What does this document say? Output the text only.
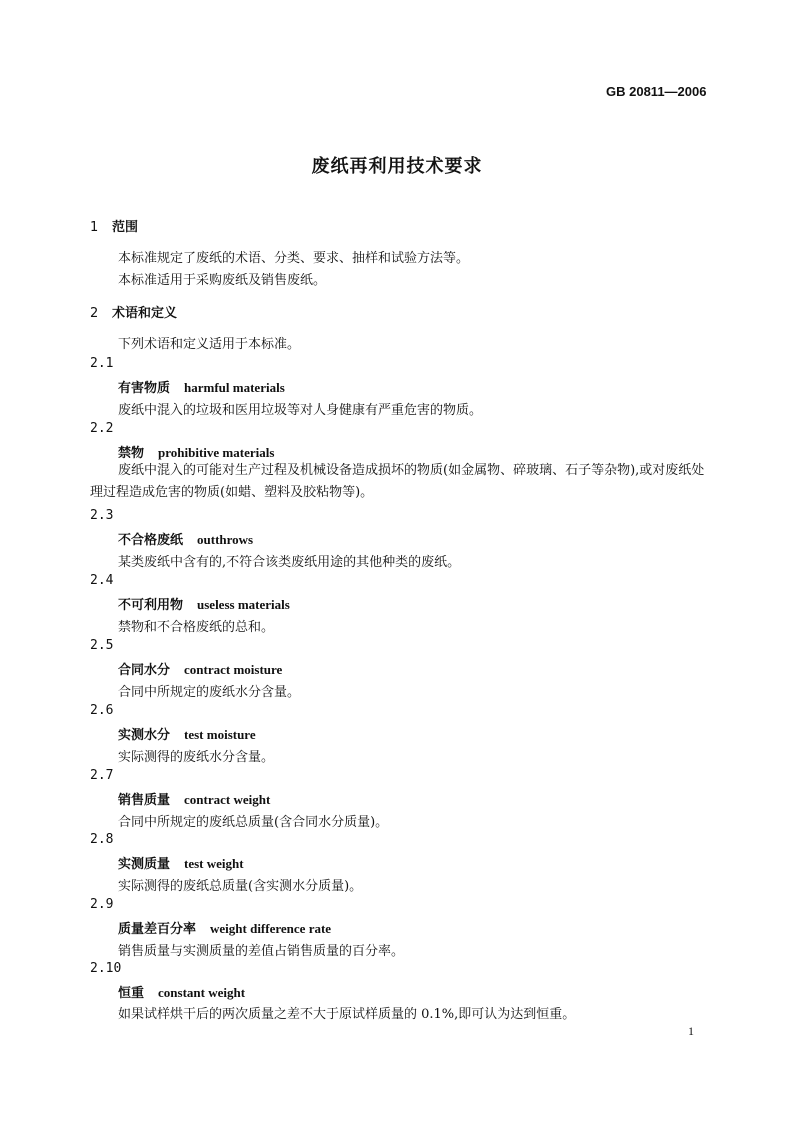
GB 20811—2006
废纸再利用技术要求
1 范围
本标准规定了废纸的术语、分类、要求、抽样和试验方法等。
本标准适用于采购废纸及销售废纸。
2 术语和定义
下列术语和定义适用于本标准。
2.1
有害物质 harmful materials
废纸中混入的垃圾和医用垃圾等对人身健康有严重危害的物质。
2.2
禁物 prohibitive materials
废纸中混入的可能对生产过程及机械设备造成损坏的物质(如金属物、碎玻璃、石子等杂物),或对废纸处理过程造成危害的物质(如蜡、塑料及胶粘物等)。
2.3
不合格废纸 outthrows
某类废纸中含有的,不符合该类废纸用途的其他种类的废纸。
2.4
不可利用物 useless materials
禁物和不合格废纸的总和。
2.5
合同水分 contract moisture
合同中所规定的废纸水分含量。
2.6
实测水分 test moisture
实际测得的废纸水分含量。
2.7
销售质量 contract weight
合同中所规定的废纸总质量(含合同水分质量)。
2.8
实测质量 test weight
实际测得的废纸总质量(含实测水分质量)。
2.9
质量差百分率 weight difference rate
销售质量与实测质量的差值占销售质量的百分率。
2.10
恒重 constant weight
如果试样烘干后的两次质量之差不大于原试样质量的 0.1%,即可认为达到恒重。
1
